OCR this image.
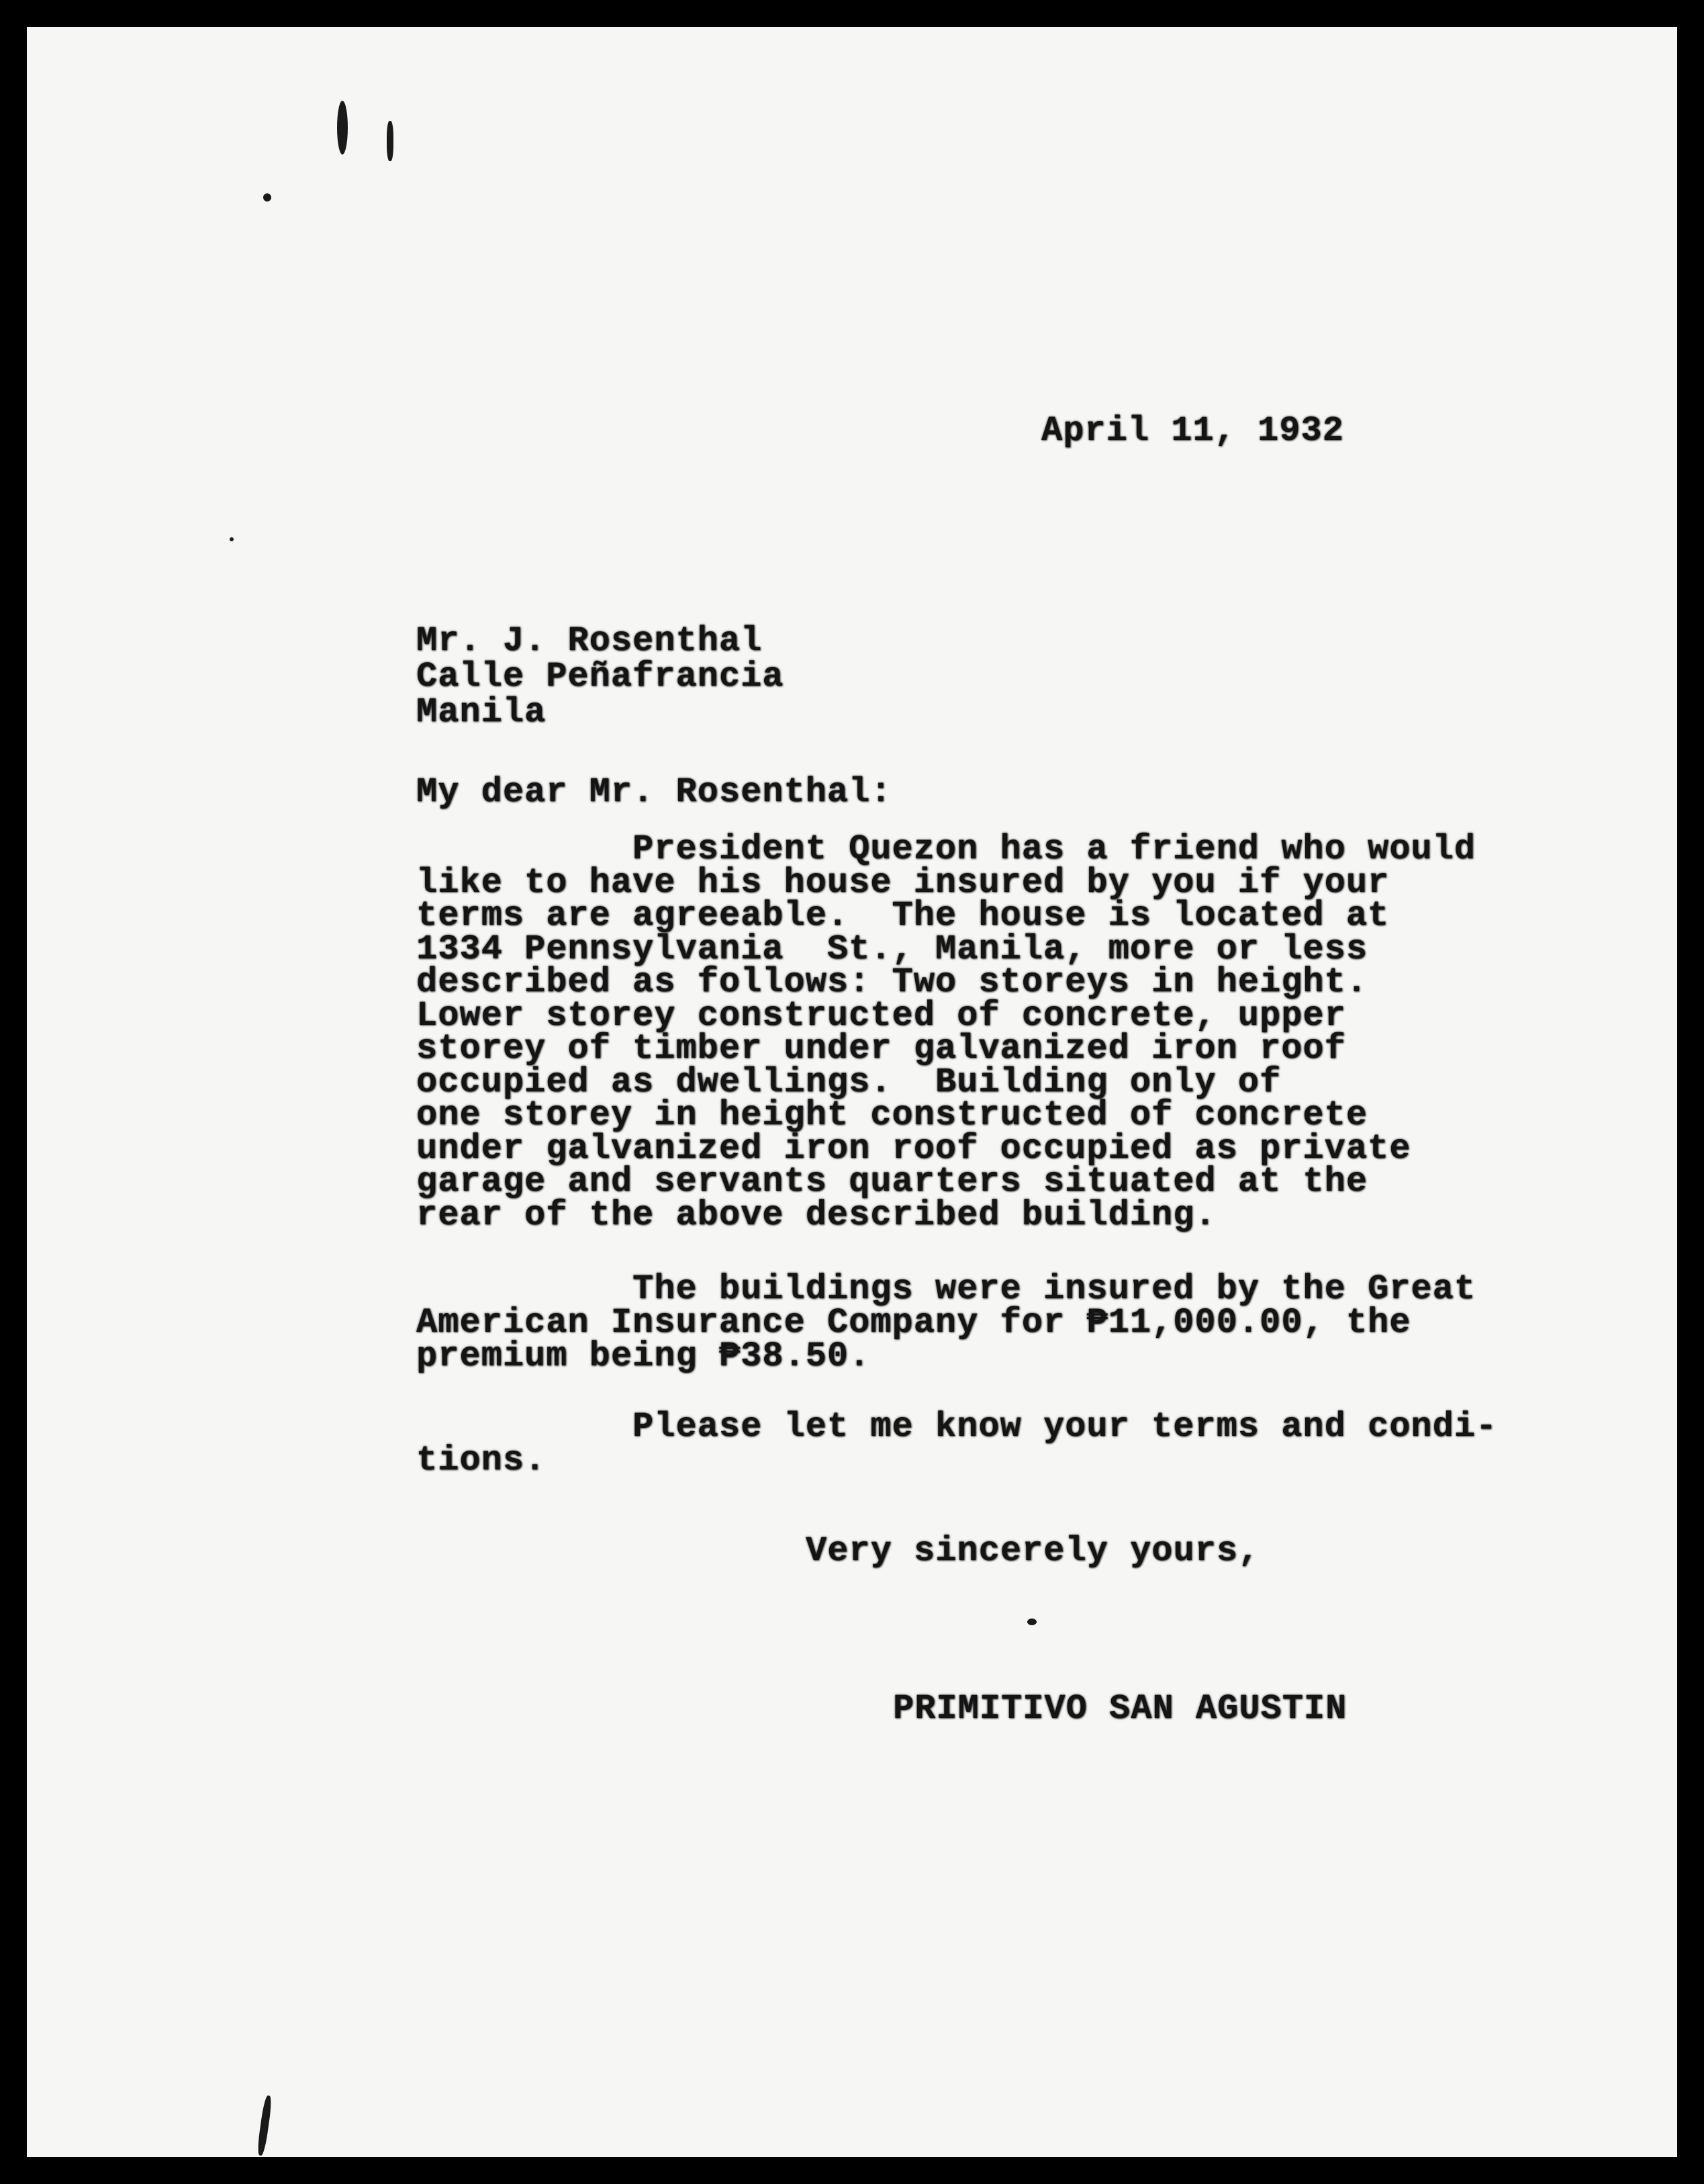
April 11, 1932

Mr. J. Rosenthal
Calle Peñafrancia
Manila

My dear Mr. Rosenthal:

President Quezon has a friend who would
like to have his house insured by you if your
terms are agreeable.  The house is located at
1334 Pennsylvania  St., Manila, more or less
described as follows: Two storeys in height.
Lower storey constructed of concrete, upper
storey of timber under galvanized iron roof
occupied as dwellings.  Building only of
one storey in height constructed of concrete
under galvanized iron roof occupied as private
garage and servants quarters situated at the
rear of the above described building.

The buildings were insured by the Great
American Insurance Company for ₱11,000.00, the
premium being ₱38.50.

Please let me know your terms and condi-
tions.

Very sincerely yours,

PRIMITIVO SAN AGUSTIN
